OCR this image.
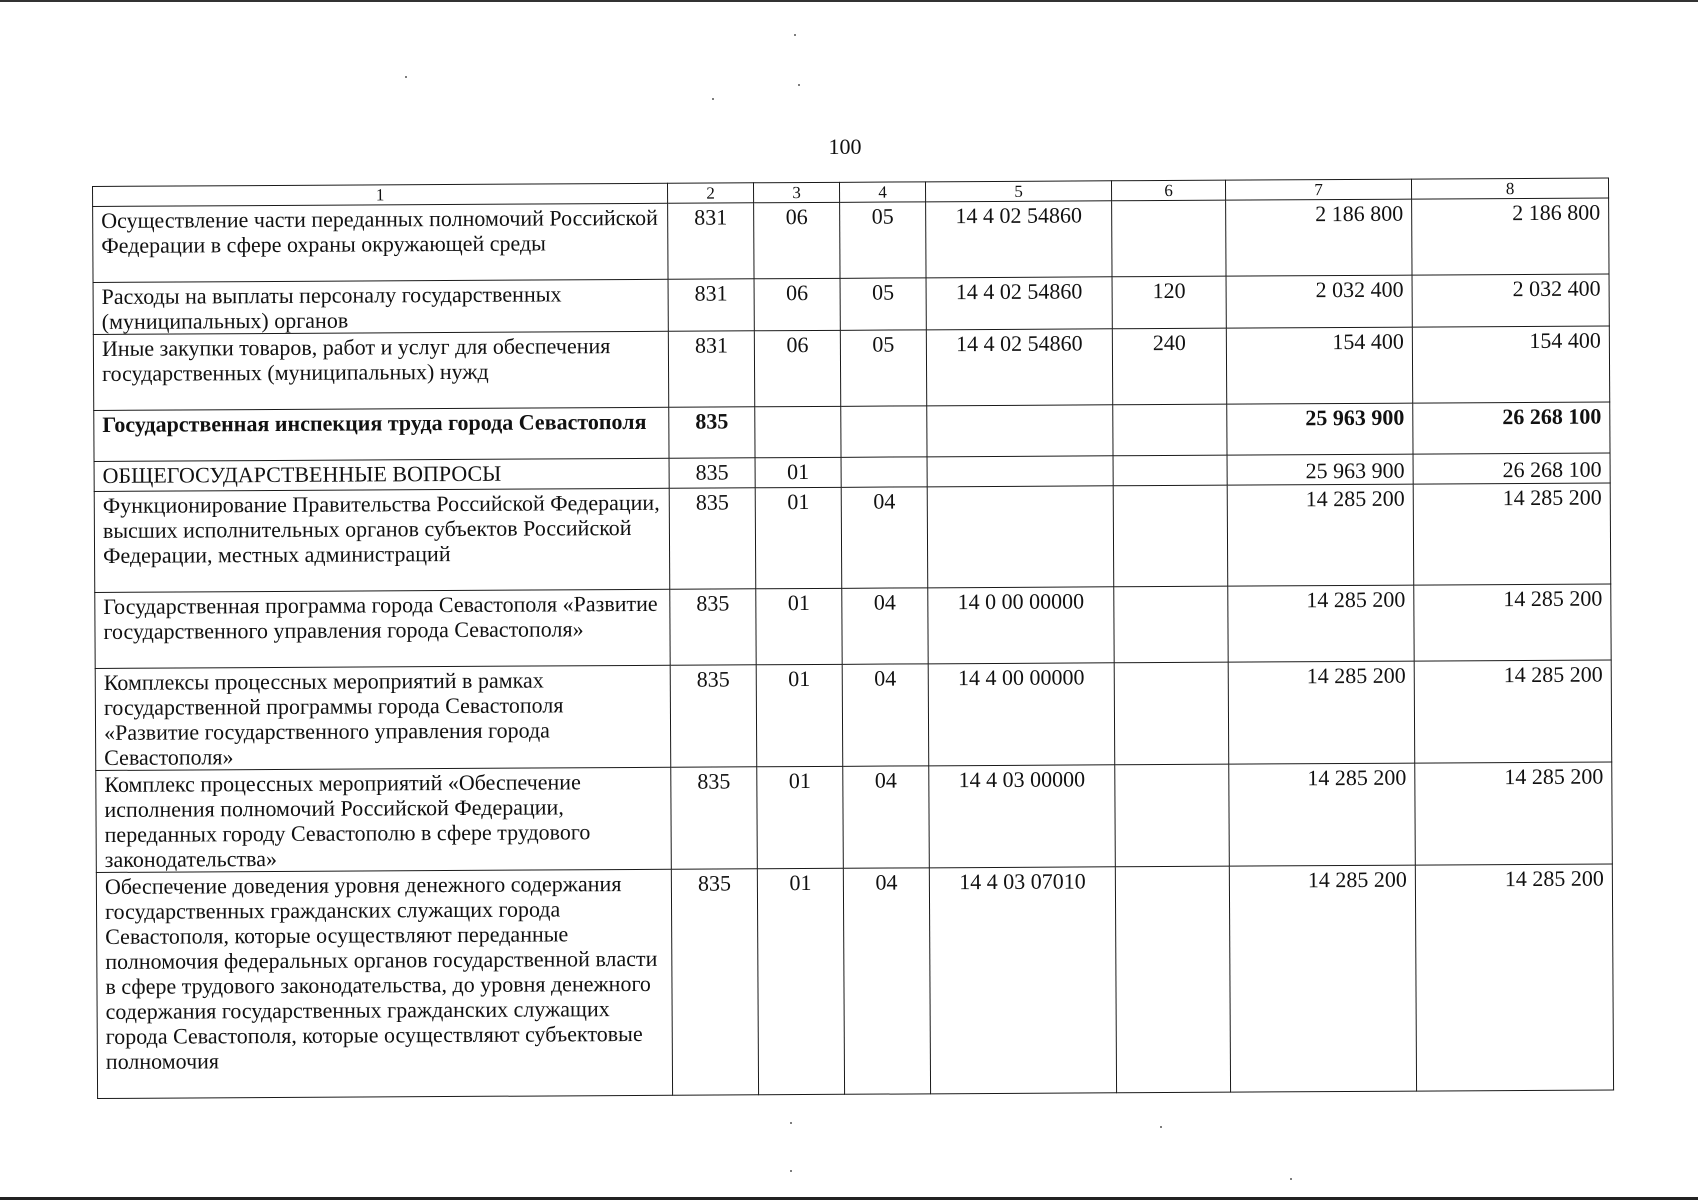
100
1	2	3	4	5	6	7	8
Осуществление части переданных полномочий Российской Федерации в сфере охраны окружающей среды	831	06	05	14 4 02 54860		2 186 800	2 186 800
Расходы на выплаты персоналу государственных (муниципальных) органов	831	06	05	14 4 02 54860	120	2 032 400	2 032 400
Иные закупки товаров, работ и услуг для обеспечения государственных (муниципальных) нужд	831	06	05	14 4 02 54860	240	154 400	154 400
Государственная инспекция труда города Севастополя	835					25 963 900	26 268 100
ОБЩЕГОСУДАРСТВЕННЫЕ ВОПРОСЫ	835	01				25 963 900	26 268 100
Функционирование Правительства Российской Федерации, высших исполнительных органов субъектов Российской Федерации, местных администраций	835	01	04			14 285 200	14 285 200
Государственная программа города Севастополя «Развитие государственного управления города Севастополя»	835	01	04	14 0 00 00000		14 285 200	14 285 200
Комплексы процессных мероприятий в рамках государственной программы города Севастополя «Развитие государственного управления города Севастополя»	835	01	04	14 4 00 00000		14 285 200	14 285 200
Комплекс процессных мероприятий «Обеспечение исполнения полномочий Российской Федерации, переданных городу Севастополю в сфере трудового законодательства»	835	01	04	14 4 03 00000		14 285 200	14 285 200
Обеспечение доведения уровня денежного содержания государственных гражданских служащих города Севастополя, которые осуществляют переданные полномочия федеральных органов государственной власти в сфере трудового законодательства, до уровня денежного содержания государственных гражданских служащих города Севастополя, которые осуществляют субъектовые полномочия	835	01	04	14 4 03 07010		14 285 200	14 285 200
